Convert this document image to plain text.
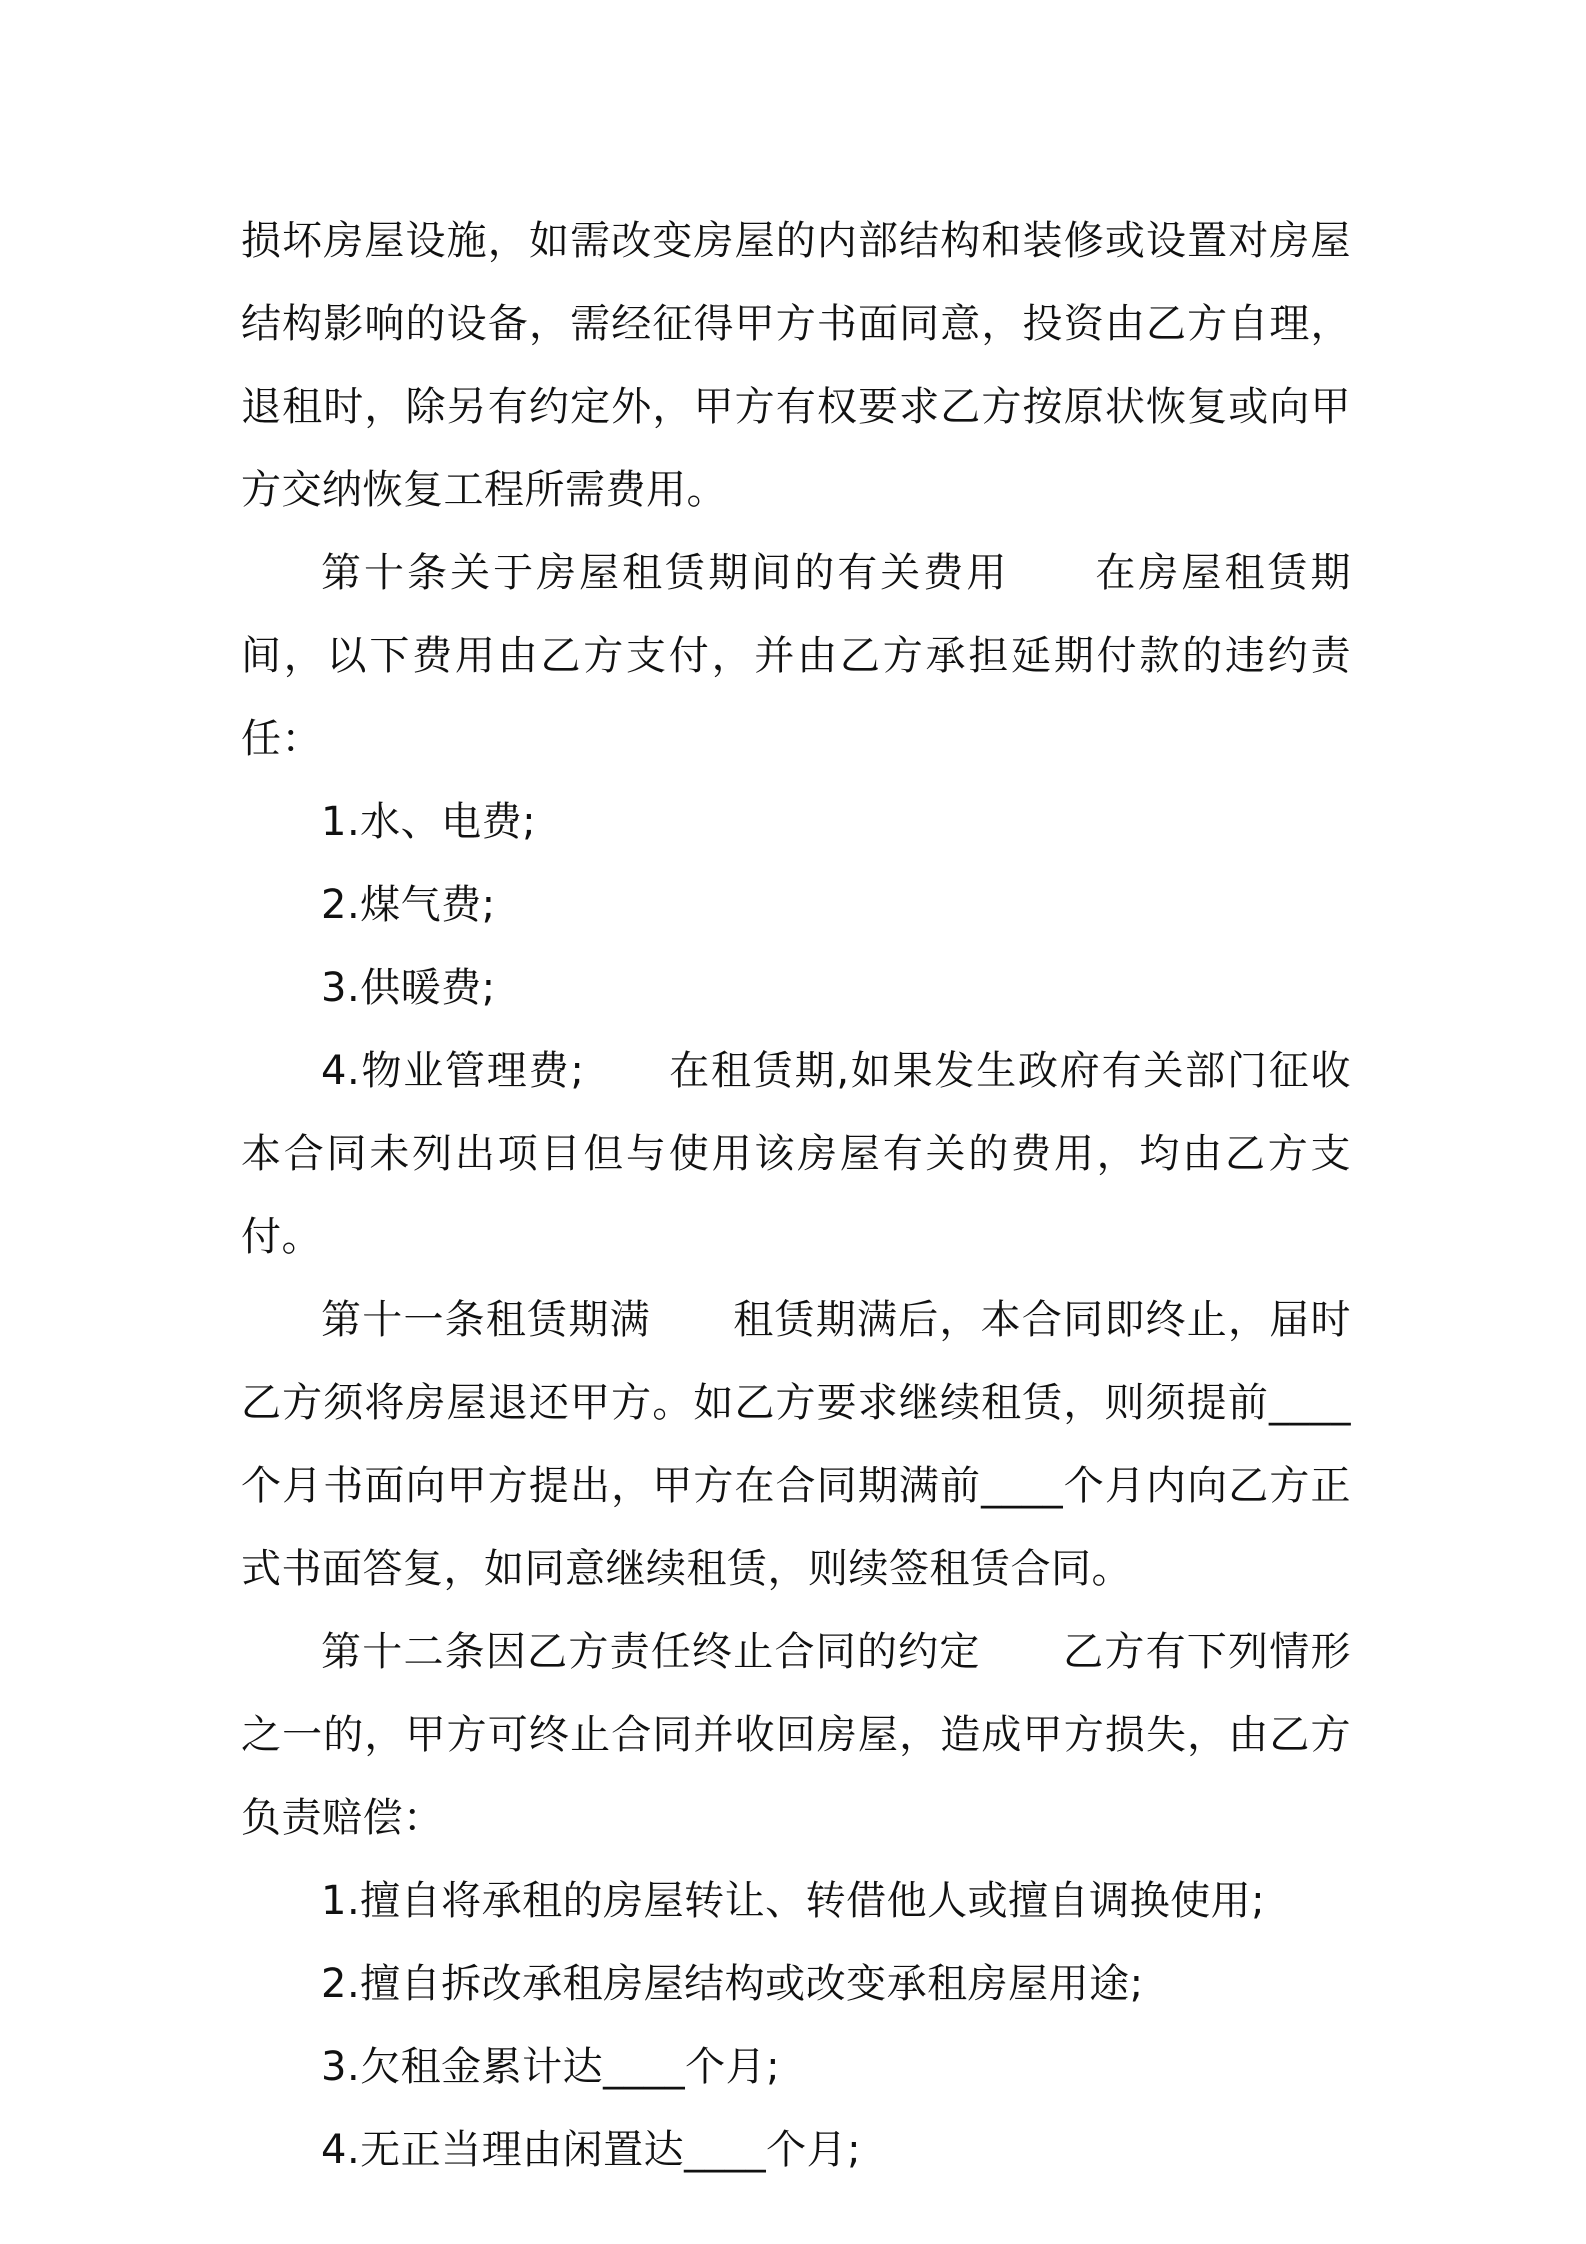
损坏房屋设施，如需改变房屋的内部结构和装修或设置对房屋结构影响的设备，需经征得甲方书面同意，投资由乙方自理，退租时，除另有约定外，甲方有权要求乙方按原状恢复或向甲方交纳恢复工程所需费用。

第十条关于房屋租赁期间的有关费用　　在房屋租赁期间，以下费用由乙方支付，并由乙方承担延期付款的违约责任：

1.水、电费;

2.煤气费;

3.供暖费;

4.物业管理费;　　在租赁期,如果发生政府有关部门征收本合同未列出项目但与使用该房屋有关的费用，均由乙方支付。

第十一条租赁期满　　租赁期满后，本合同即终止，届时乙方须将房屋退还甲方。如乙方要求继续租赁，则须提前____个月书面向甲方提出，甲方在合同期满前____个月内向乙方正式书面答复，如同意继续租赁，则续签租赁合同。

第十二条因乙方责任终止合同的约定　　乙方有下列情形之一的，甲方可终止合同并收回房屋，造成甲方损失，由乙方负责赔偿：

1.擅自将承租的房屋转让、转借他人或擅自调换使用;

2.擅自拆改承租房屋结构或改变承租房屋用途;

3.欠租金累计达____个月;

4.无正当理由闲置达____个月;
